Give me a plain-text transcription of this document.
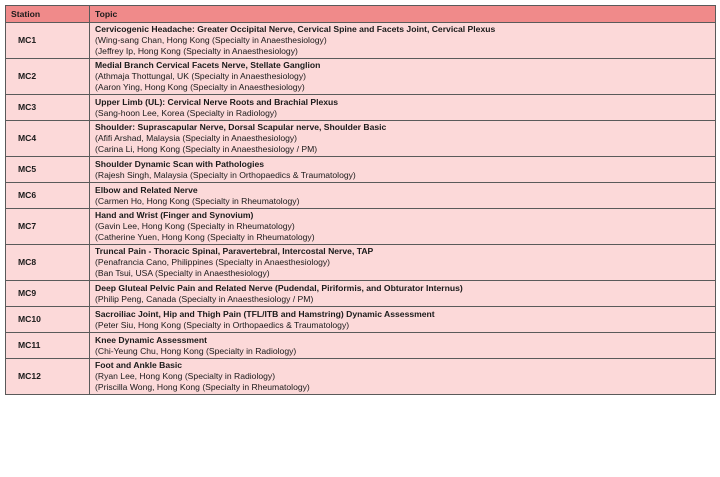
Station	Topic
MC1	Cervicogenic Headache: Greater Occipital Nerve, Cervical Spine and Facets Joint, Cervical Plexus
(Wing-sang Chan, Hong Kong (Specialty in Anaesthesiology)
(Jeffrey Ip, Hong Kong (Specialty in Anaesthesiology)

MC2	Medial Branch Cervical Facets Nerve, Stellate Ganglion
(Athmaja Thottungal, UK (Specialty in Anaesthesiology)
(Aaron Ying, Hong Kong (Specialty in Anaesthesiology)

MC3	Upper Limb (UL): Cervical Nerve Roots and Brachial Plexus
(Sang-hoon Lee, Korea (Specialty in Radiology)

MC4	Shoulder: Suprascapular Nerve, Dorsal Scapular nerve, Shoulder Basic
(Afifi Arshad, Malaysia (Specialty in Anaesthesiology)
(Carina Li, Hong Kong (Specialty in Anaesthesiology / PM)

MC5	Shoulder Dynamic Scan with Pathologies
(Rajesh Singh, Malaysia (Specialty in Orthopaedics & Traumatology)

MC6	Elbow and Related Nerve
(Carmen Ho, Hong Kong (Specialty in Rheumatology)

MC7	Hand and Wrist (Finger and Synovium)
(Gavin Lee, Hong Kong (Specialty in Rheumatology)
(Catherine Yuen, Hong Kong (Specialty in Rheumatology)

MC8	Truncal Pain - Thoracic Spinal, Paravertebral, Intercostal Nerve, TAP
(Penafrancia Cano, Philippines (Specialty in Anaesthesiology)
(Ban Tsui, USA (Specialty in Anaesthesiology)

MC9	Deep Gluteal Pelvic Pain and Related Nerve (Pudendal, Piriformis, and Obturator Internus)
(Philip Peng, Canada (Specialty in Anaesthesiology / PM)

MC10	Sacroiliac Joint, Hip and Thigh Pain (TFL/ITB and Hamstring) Dynamic Assessment
(Peter Siu, Hong Kong (Specialty in Orthopaedics & Traumatology)

MC11	Knee Dynamic Assessment
(Chi-Yeung Chu, Hong Kong (Specialty in Radiology)

MC12	Foot and Ankle Basic
(Ryan Lee, Hong Kong (Specialty in Radiology)
(Priscilla Wong, Hong Kong (Specialty in Rheumatology)
